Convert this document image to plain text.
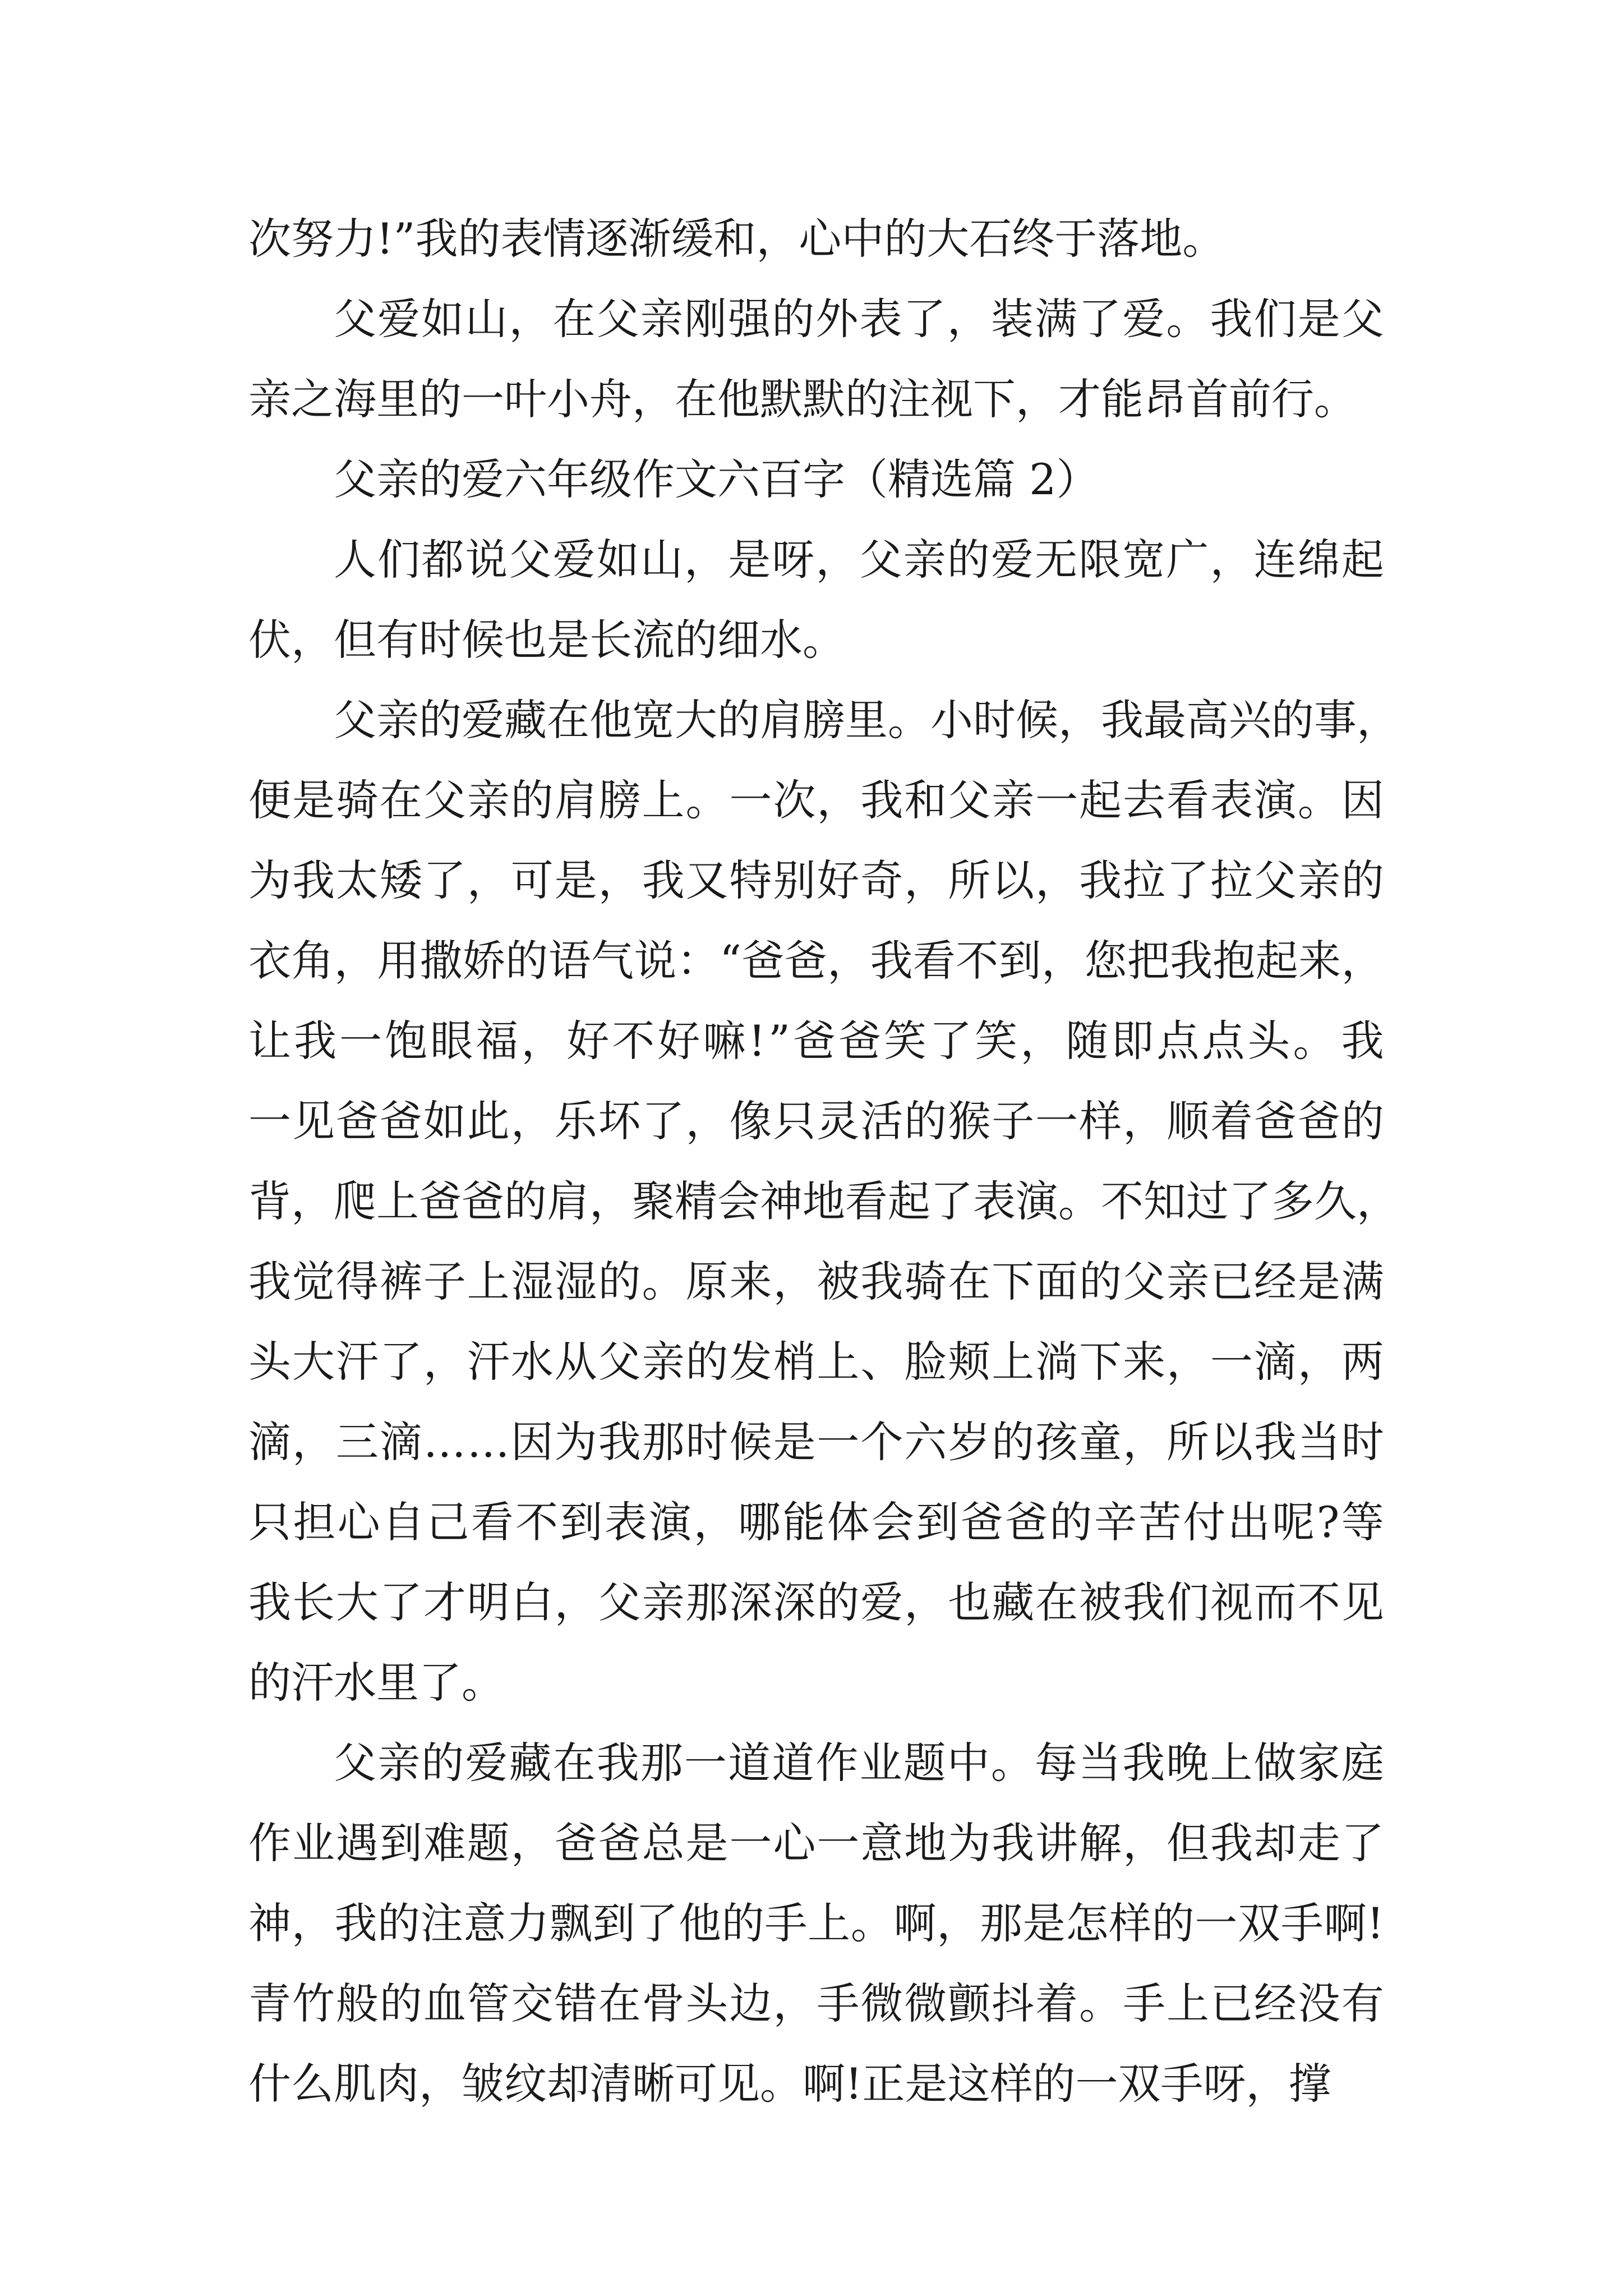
次努力!”我的表情逐渐缓和，心中的大石终于落地。
父 爱 如 山 ， 在 父 亲 刚 强 的 外 表 了 ， 装 满 了 爱 。 我 们 是 父
亲之海里的一叶小舟，在他默默的注视下，才能昂首前行。
父亲的爱六年级作文六百字（精选篇 2）
人 们 都 说 父 爱 如 山 ， 是 呀 ， 父 亲 的 爱 无 限 宽 广 ， 连 绵 起
伏，但有时候也是长流的细水。
父 亲 的 爱 藏 在 他 宽 大 的 肩 膀 里 。 小 时 候 ， 我 最 高 兴 的 事 ，
便 是 骑 在 父 亲 的 肩 膀 上 。 一 次 ， 我 和 父 亲 一 起 去 看 表 演 。 因
为 我 太 矮 了 ， 可 是 ， 我 又 特 别 好 奇 ， 所 以 ， 我 拉 了 拉 父 亲 的
衣 角 ， 用 撒 娇 的 语 气 说 ： “ 爸 爸 ， 我 看 不 到 ， 您 把 我 抱 起 来 ，
让 我 一 饱 眼 福 ， 好 不 好 嘛 ! ” 爸 爸 笑 了 笑 ， 随 即 点 点 头 。 我
一 见 爸 爸 如 此 ， 乐 坏 了 ， 像 只 灵 活 的 猴 子 一 样 ， 顺 着 爸 爸 的
背 ， 爬 上 爸 爸 的 肩 ， 聚 精 会 神 地 看 起 了 表 演 。 不 知 过 了 多 久 ，
我 觉 得 裤 子 上 湿 湿 的 。 原 来 ， 被 我 骑 在 下 面 的 父 亲 已 经 是 满
头 大 汗 了 ， 汗 水 从 父 亲 的 发 梢 上 、 脸 颊 上 淌 下 来 ， 一 滴 ， 两
滴 ， 三 滴 … … 因 为 我 那 时 候 是 一 个 六 岁 的 孩 童 ， 所 以 我 当 时
只 担 心 自 己 看 不 到 表 演 ， 哪 能 体 会 到 爸 爸 的 辛 苦 付 出 呢 ? 等
我 长 大 了 才 明 白 ， 父 亲 那 深 深 的 爱 ， 也 藏 在 被 我 们 视 而 不 见
的汗水里了。
父 亲 的 爱 藏 在 我 那 一 道 道 作 业 题 中 。 每 当 我 晚 上 做 家 庭
作 业 遇 到 难 题 ， 爸 爸 总 是 一 心 一 意 地 为 我 讲 解 ， 但 我 却 走 了
神 ， 我 的 注 意 力 飘 到 了 他 的 手 上 。 啊 ， 那 是 怎 样 的 一 双 手 啊 !
青 竹 般 的 血 管 交 错 在 骨 头 边 ， 手 微 微 颤 抖 着 。 手 上 已 经 没 有
什么肌肉，皱纹却清晰可见。啊!正是这样的一双手呀，撑
